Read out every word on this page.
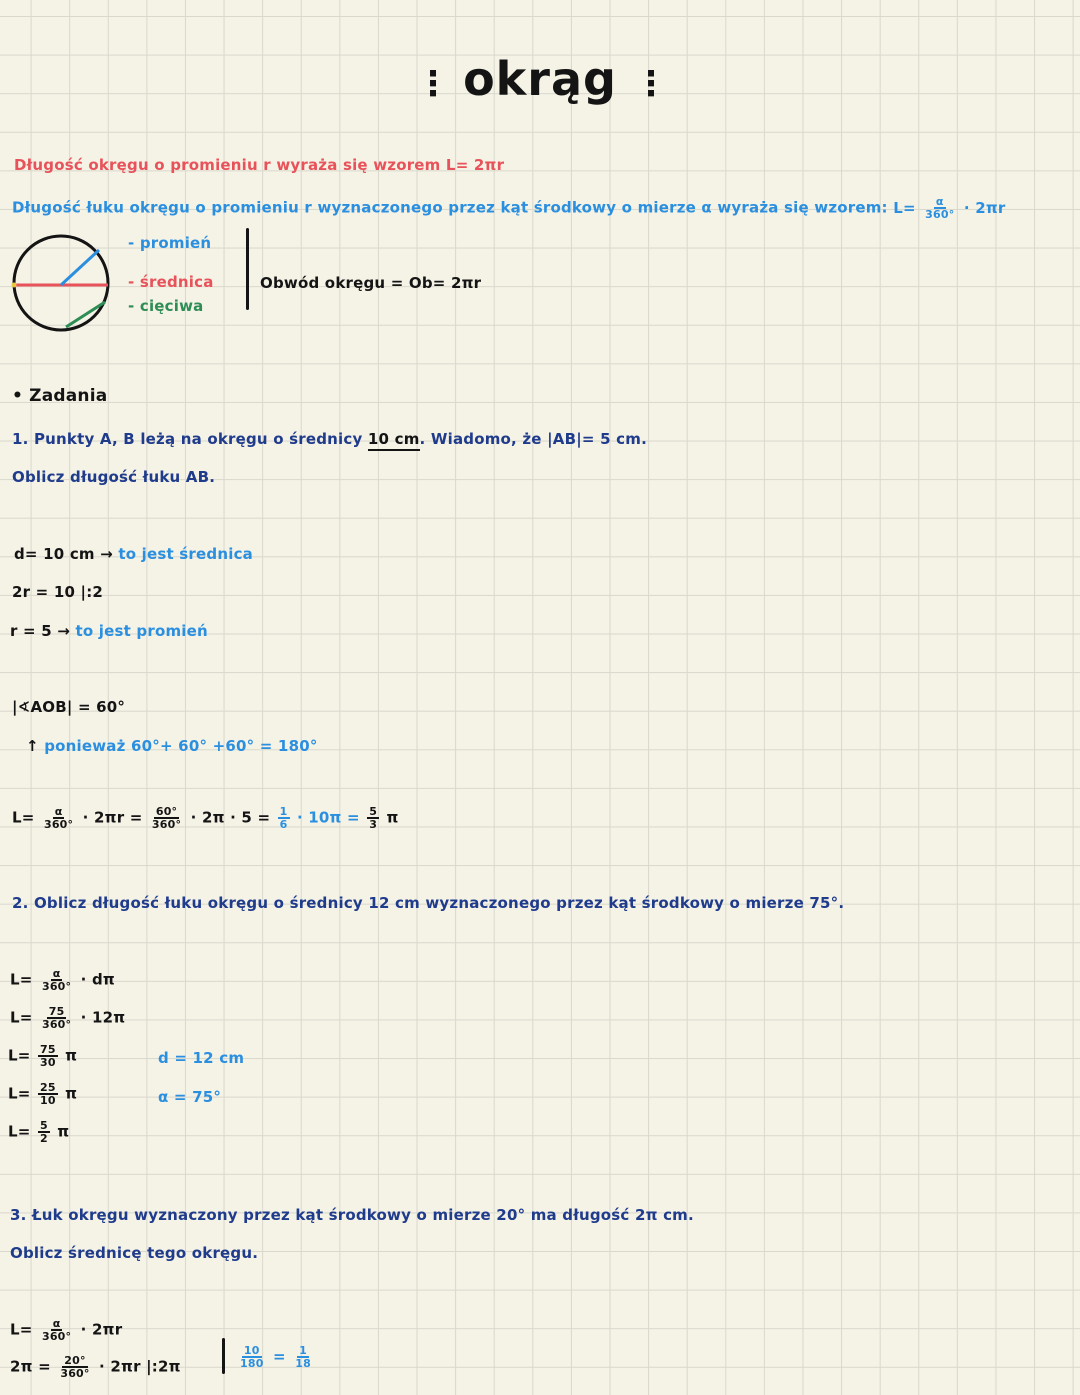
⋮ okrąg ⋮
Długość okręgu o promieniu r wyraża się wzorem L= 2πr
Długość łuku okręgu o promieniu r wyznaczonego przez kąt środkowy o mierze α wyraża się wzorem: $L= \frac{\alpha}{360^\circ} \cdot 2\pi r$
- promień
- średnica
- cięciwa
Obwód okręgu = Ob= 2πr
• Zadania
1. Punkty A, B leżą na okręgu o średnicy 10 cm. Wiadomo, że |AB|= 5 cm.
Oblicz długość łuku AB.
d= 10 cm → to jest średnica
2r = 10 |:2
r = 5 → to jest promień
|∢AOB| = 60°
↑ ponieważ 60°+ 60° +60° = 180°
$L= \frac{\alpha}{360^\circ} \cdot 2\pi r = \frac{60^\circ}{360^\circ} \cdot 2\pi \cdot 5 = \frac{1}{6} \cdot 10\pi = \frac{5}{3}$ π
2. Oblicz długość łuku okręgu o średnicy 12 cm wyznaczonego przez kąt środkowy o mierze 75°.
$L= \frac{\alpha}{360^\circ} \cdot d\pi$
$L= \frac{75}{360^\circ} \cdot 12\pi$
$L= \frac{75}{30}$ π
$L= \frac{25}{10}$ π
$L= \frac{5}{2}$ π
d = 12 cm
α = 75°
3. Łuk okręgu wyznaczony przez kąt środkowy o mierze 20° ma długość 2π cm.
Oblicz średnicę tego okręgu.
$L= \frac{\alpha}{360^\circ} \cdot 2\pi r$
$2\pi = \frac{20^\circ}{360^\circ} \cdot 2\pi r$ |:2π	$\frac{10}{180} = \frac{1}{18}$
